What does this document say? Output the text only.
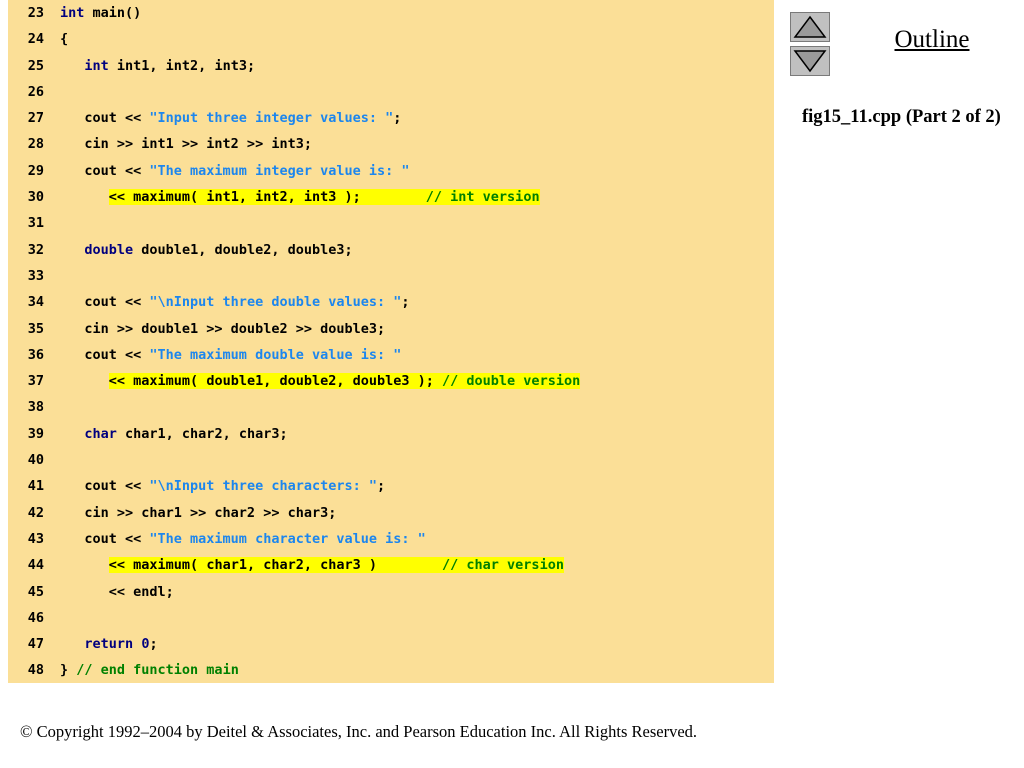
23	int main()
24	{
25	int int1, int2, int3;
26
27	cout << "Input three integer values: ";
28	cin >> int1 >> int2 >> int3;
29	cout << "The maximum integer value is: "
30	<< maximum( int1, int2, int3 );	// int version
31
32	double double1, double2, double3;
33
34	cout << "\nInput three double values: ";
35	cin >> double1 >> double2 >> double3;
36	cout << "The maximum double value is: "
37	<< maximum( double1, double2, double3 ); // double version
38
39	char char1, char2, char3;
40
41	cout << "\nInput three characters: ";
42	cin >> char1 >> char2 >> char3;
43	cout << "The maximum character value is: "
44	<< maximum( char1, char2, char3 )	// char version
45	<< endl;
46
47	return 0;
48	} // end function main
Outline
fig15_11.cpp (Part 2 of 2)
© Copyright 1992–2004 by Deitel & Associates, Inc. and Pearson Education Inc. All Rights Reserved.
